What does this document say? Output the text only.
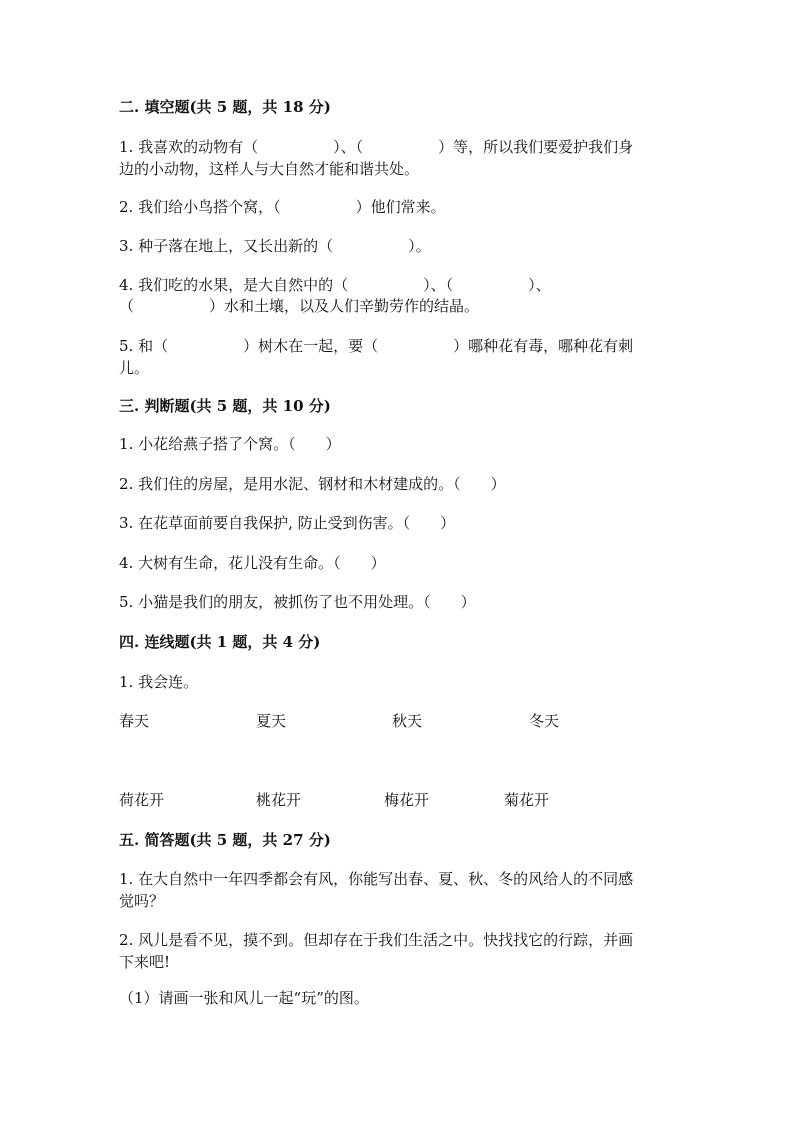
二. 填空题(共 5 题，共 18 分)
1. 我喜欢的动物有（　　　　　）、（　　　　　）等，所以我们要爱护我们身
边的小动物，这样人与大自然才能和谐共处。
2. 我们给小鸟搭个窝，（　　　　　）他们常来。
3. 种子落在地上，又长出新的（　　　　　）。
4. 我们吃的水果，是大自然中的（　　　　　）、（　　　　　）、
（　　　　　）水和土壤，以及人们辛勤劳作的结晶。
5. 和（　　　　　）树木在一起，要（　　　　　）哪种花有毒，哪种花有刺
儿。
三. 判断题(共 5 题，共 10 分)
1. 小花给燕子搭了个窝。（　　）
2. 我们住的房屋，是用水泥、钢材和木材建成的。（　　）
3. 在花草面前要自我保护, 防止受到伤害。（　　）
4. 大树有生命，花儿没有生命。（　　）
5. 小猫是我们的朋友，被抓伤了也不用处理。（　　）
四. 连线题(共 1 题，共 4 分)
1. 我会连。
春天	夏天	秋天	冬天
荷花开	桃花开	梅花开	菊花开
五. 简答题(共 5 题，共 27 分)
1. 在大自然中一年四季都会有风，你能写出春、夏、秋、冬的风给人的不同感
觉吗？
2. 风儿是看不见，摸不到。但却存在于我们生活之中。快找找它的行踪，并画
下来吧!
（1）请画一张和风儿一起“玩”的图。
